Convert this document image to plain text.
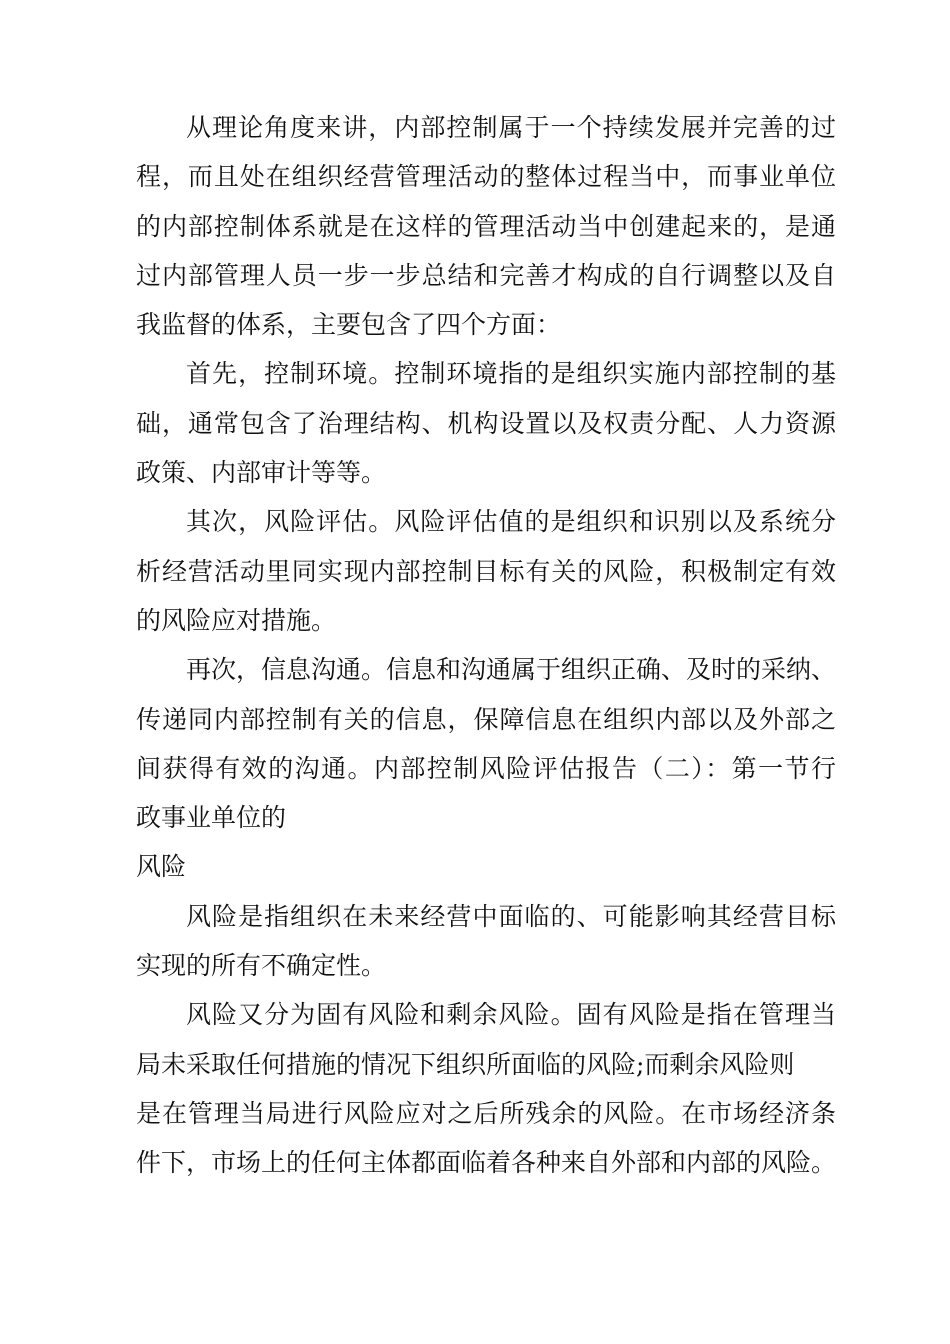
从理论角度来讲，内部控制属于一个持续发展并完善的过
程，而且处在组织经营管理活动的整体过程当中，而事业单位
的内部控制体系就是在这样的管理活动当中创建起来的，是通
过内部管理人员一步一步总结和完善才构成的自行调整以及自
我监督的体系，主要包含了四个方面：
首先，控制环境。控制环境指的是组织实施内部控制的基
础，通常包含了治理结构、机构设置以及权责分配、人力资源
政策、内部审计等等。
其次，风险评估。风险评估值的是组织和识别以及系统分
析经营活动里同实现内部控制目标有关的风险，积极制定有效
的风险应对措施。
再次，信息沟通。信息和沟通属于组织正确、及时的采纳、
传递同内部控制有关的信息，保障信息在组织内部以及外部之
间获得有效的沟通。内部控制风险评估报告（二）：第一节行
政事业单位的
风险
风险是指组织在未来经营中面临的、可能影响其经营目标
实现的所有不确定性。
风险又分为固有风险和剩余风险。固有风险是指在管理当
局未采取任何措施的情况下组织所面临的风险;而剩余风险则
是在管理当局进行风险应对之后所残余的风险。在市场经济条
件下，市场上的任何主体都面临着各种来自外部和内部的风险。
